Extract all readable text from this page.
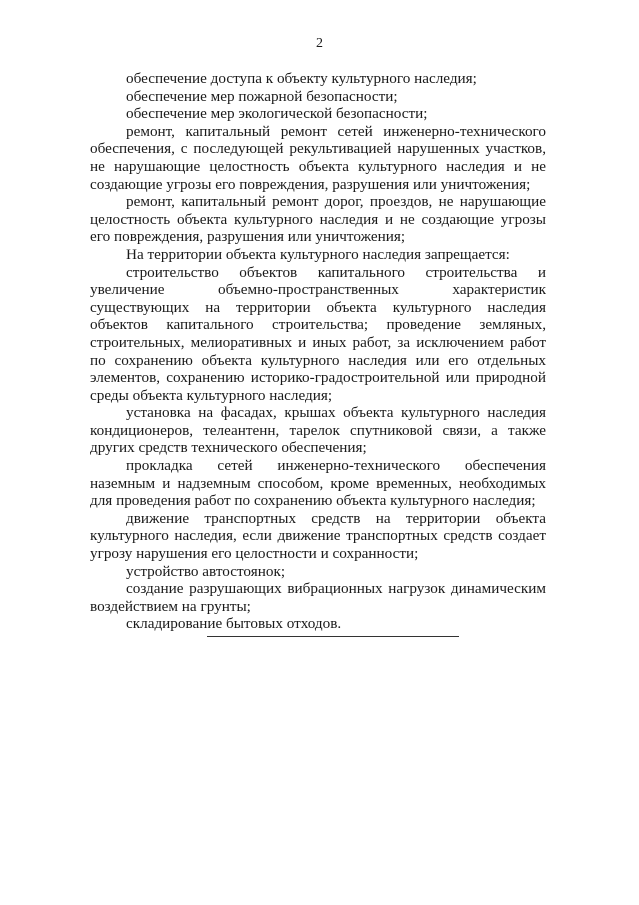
2

обеспечение доступа к объекту культурного наследия;

обеспечение мер пожарной безопасности;

обеспечение мер экологической безопасности;

ремонт, капитальный ремонт сетей инженерно-технического обеспечения, с последующей рекультивацией нарушенных участков, не нарушающие целостность объекта культурного наследия и не создающие угрозы его повреждения, разрушения или уничтожения;

ремонт, капитальный ремонт дорог, проездов, не нарушающие целостность объекта культурного наследия и не создающие угрозы его повреждения, разрушения или уничтожения;

На территории объекта культурного наследия запрещается:

строительство объектов капитального строительства и увеличение объемно-пространственных характеристик существующих на территории объекта культурного наследия объектов капитального строительства; проведение земляных, строительных, мелиоративных и иных работ, за исключением работ по сохранению объекта культурного наследия или его отдельных элементов, сохранению историко-градостроительной или природной среды объекта культурного наследия;

установка на фасадах, крышах объекта культурного наследия кондиционеров, телеантенн, тарелок спутниковой связи, а также других средств технического обеспечения;

прокладка сетей инженерно-технического обеспечения наземным и надземным способом, кроме временных, необходимых для проведения работ по сохранению объекта культурного наследия;

движение транспортных средств на территории объекта культурного наследия, если движение транспортных средств создает угрозу нарушения его целостности и сохранности;

устройство автостоянок;

создание разрушающих вибрационных нагрузок динамическим воздействием на грунты;

складирование бытовых отходов.
